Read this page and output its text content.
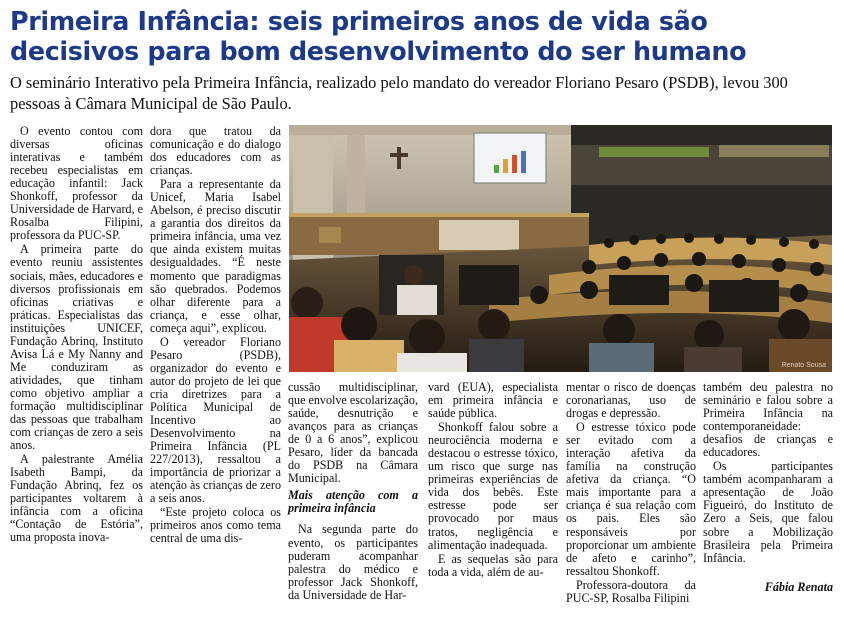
Primeira Infância: seis primeiros anos de vida são decisivos para bom desenvolvimento do ser humano

O seminário Interativo pela Primeira Infância, realizado pelo mandato do vereador Floriano Pesaro (PSDB), levou 300 pessoas à Câmara Municipal de São Paulo.

Renato Sousa

O evento contou com diversas oficinas interativas e também recebeu especialistas em educação infantil: Jack Shonkoff, professor da Universidade de Harvard, e Rosalba Filipini, professora da PUC-SP.

A primeira parte do evento reuniu assistentes sociais, mães, educadores e diversos profissionais em oficinas criativas e práticas. Especialistas das instituições UNICEF, Fundação Abrinq, Instituto Avisa Lá e My Nanny and Me conduziram as atividades, que tinham como objetivo ampliar a formação multidisciplinar das pessoas que trabalham com crianças de zero a seis anos.

A palestrante Amélia Isabeth Bampi, da Fundação Abrinq, fez os participantes voltarem à infância com a oficina “Contação de Estória”, uma proposta inova-

dora que tratou da comunicação e do dialogo dos educadores com as crianças.

Para a representante da Unicef, Maria Isabel Abelson, é preciso discutir a garantia dos direitos da primeira infância, uma vez que ainda existem muitas desigualdades. “É neste momento que paradigmas são quebrados. Podemos olhar diferente para a criança, e esse olhar, começa aqui”, explicou.

O vereador Floriano Pesaro (PSDB), organizador do evento e autor do projeto de lei que cria diretrizes para a Política Municipal de Incentivo ao Desenvolvimento na Primeira Infância (PL 227/2013), ressaltou a importância de priorizar a atenção às crianças de zero a seis anos.

“Este projeto coloca os primeiros anos como tema central de uma dis-

cussão multidisciplinar, que envolve escolarização, saúde, desnutrição e avanços para as crianças de 0 a 6 anos”, explicou Pesaro, líder da bancada do PSDB na Câmara Municipal.

Mais atenção com a primeira infância

Na segunda parte do evento, os participantes puderam acompanhar palestra do médico e professor Jack Shonkoff, da Universidade de Har-

vard (EUA), especialista em primeira infância e saúde pública.

Shonkoff falou sobre a neurociência moderna e destacou o estresse tóxico, um risco que surge nas primeiras experiências de vida dos bebês. Este estresse pode ser provocado por maus tratos, negligência e alimentação inadequada.

E as sequelas são para toda a vida, além de au-

mentar o risco de doenças coronarianas, uso de drogas e depressão.

O estresse tóxico pode ser evitado com a interação afetiva da família na construção afetiva da criança. “O mais importante para a criança é sua relação com os pais. Eles são responsáveis por proporcionar um ambiente de afeto e carinho”, ressaltou Shonkoff.

Professora-doutora da PUC-SP, Rosalba Filipini

também deu palestra no seminário e falou sobre a Primeira Infância na contemporaneidade: desafios de crianças e educadores.

Os participantes também acompanharam a apresentação de João Figueiró, do Instituto de Zero a Seis, que falou sobre a Mobilização Brasileira pela Primeira Infância.

Fábia Renata
